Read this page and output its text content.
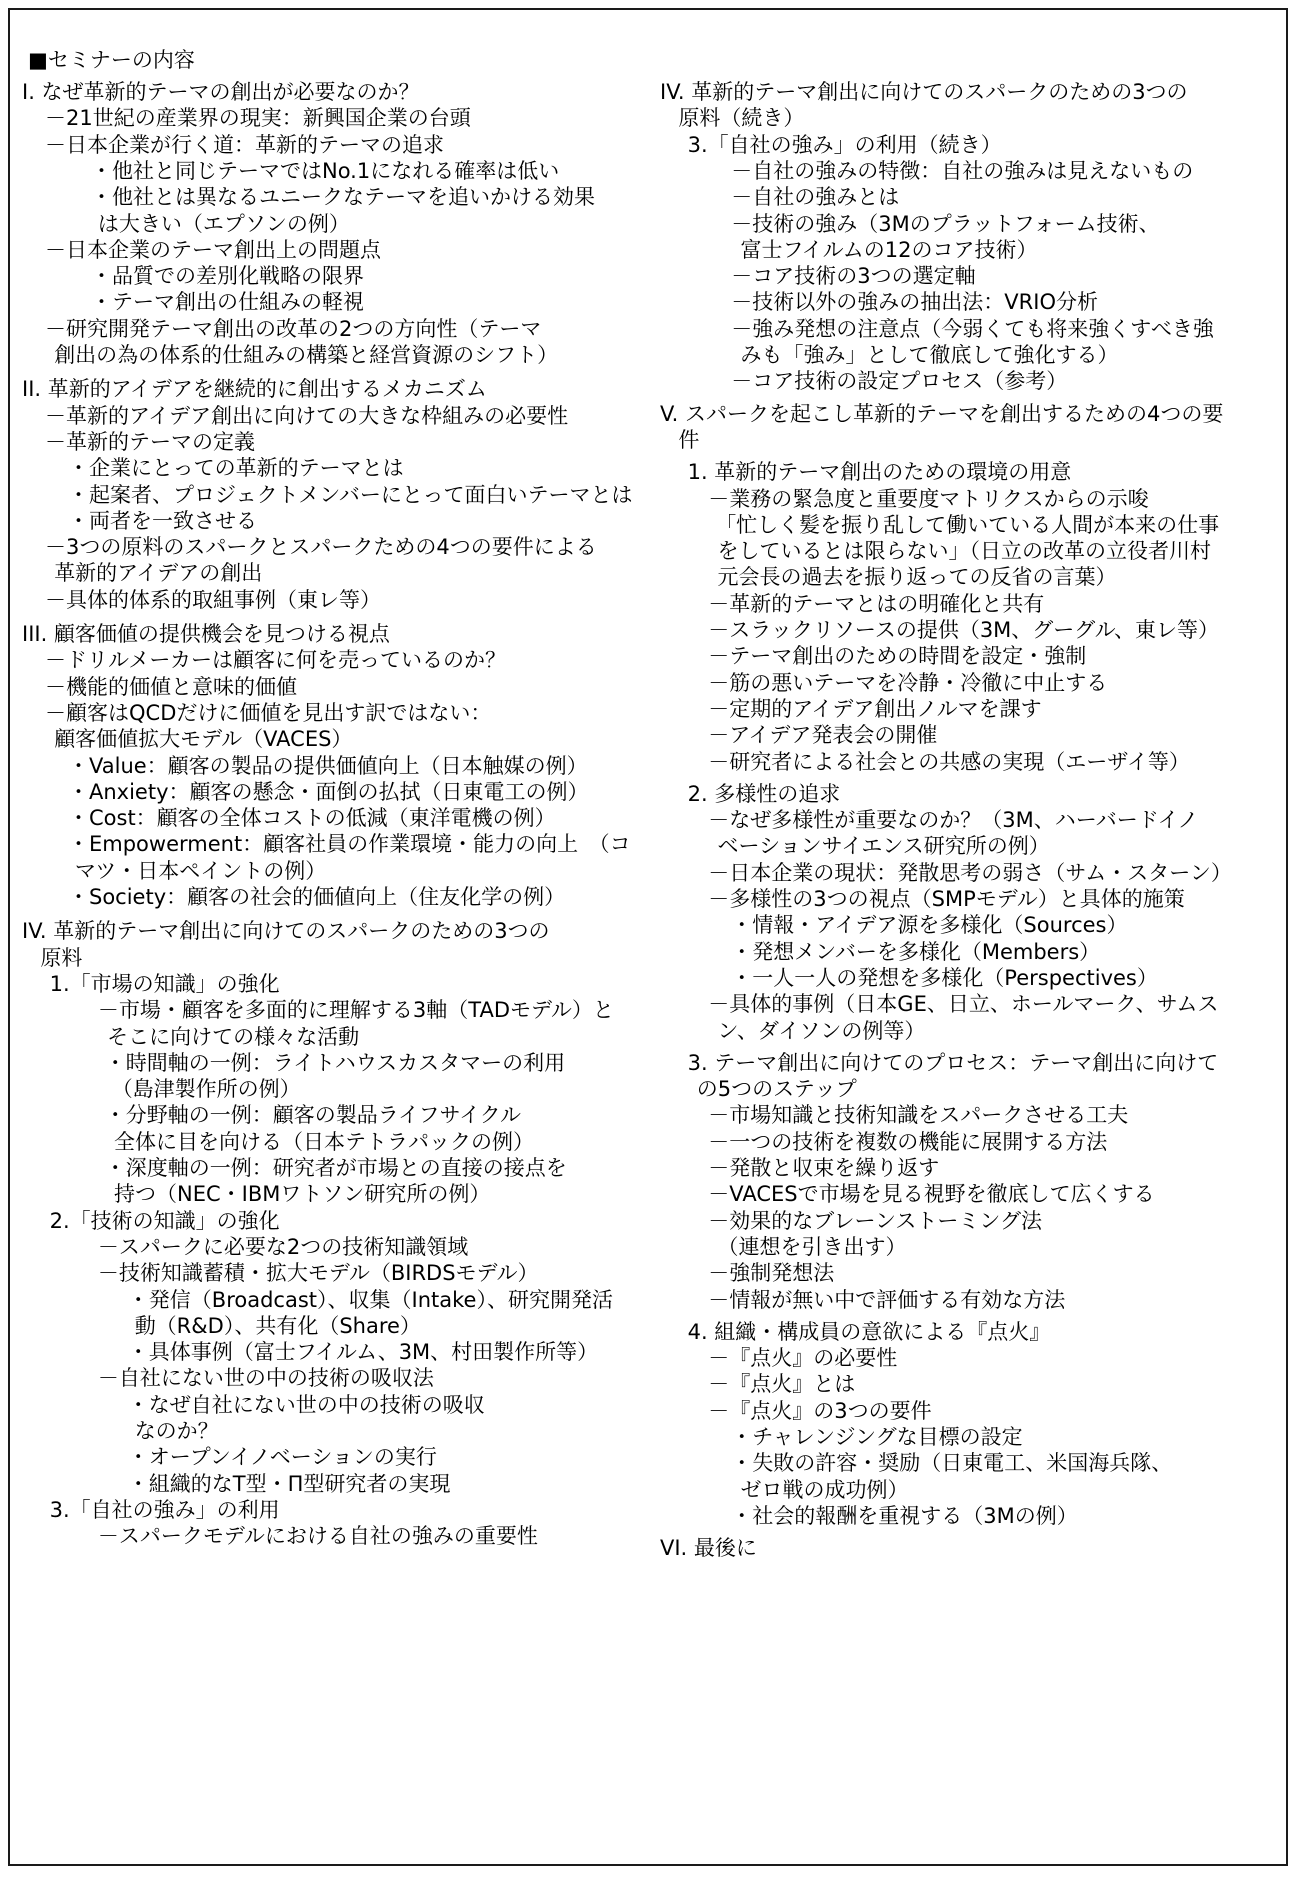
■セミナーの内容
I. なぜ革新的テーマの創出が必要なのか？
－21世紀の産業界の現実：新興国企業の台頭
－日本企業が行く道：革新的テーマの追求
・他社と同じテーマではNo.1になれる確率は低い
・他社とは異なるユニークなテーマを追いかける効果
は大きい（エプソンの例）
－日本企業のテーマ創出上の問題点
・品質での差別化戦略の限界
・テーマ創出の仕組みの軽視
－研究開発テーマ創出の改革の2つの方向性（テーマ
創出の為の体系的仕組みの構築と経営資源のシフト）
II. 革新的アイデアを継続的に創出するメカニズム
－革新的アイデア創出に向けての大きな枠組みの必要性
－革新的テーマの定義
・企業にとっての革新的テーマとは
・起案者、プロジェクトメンバーにとって面白いテーマとは
・両者を一致させる
－3つの原料のスパークとスパークための4つの要件による
革新的アイデアの創出
－具体的体系的取組事例（東レ等）
III. 顧客価値の提供機会を見つける視点
－ドリルメーカーは顧客に何を売っているのか？
－機能的価値と意味的価値
－顧客はQCDだけに価値を見出す訳ではない：
顧客価値拡大モデル（VACES）
・Value：顧客の製品の提供価値向上（日本触媒の例）
・Anxiety：顧客の懸念・面倒の払拭（日東電工の例）
・Cost：顧客の全体コストの低減（東洋電機の例）
・Empowerment：顧客社員の作業環境・能力の向上　（コ
マツ・日本ペイントの例）
・Society：顧客の社会的価値向上（住友化学の例）
IV. 革新的テーマ創出に向けてのスパークのための3つの
原料
1.「市場の知識」の強化
－市場・顧客を多面的に理解する3軸（TADモデル）と
そこに向けての様々な活動
・時間軸の一例：ライトハウスカスタマーの利用
（島津製作所の例）
・分野軸の一例：顧客の製品ライフサイクル
全体に目を向ける（日本テトラパックの例）
・深度軸の一例：研究者が市場との直接の接点を
持つ（NEC・IBMワトソン研究所の例）
2.「技術の知識」の強化
－スパークに必要な2つの技術知識領域
－技術知識蓄積・拡大モデル（BIRDSモデル）
・発信（Broadcast）、収集（Intake）、研究開発活
動（R&D）、共有化（Share）
・具体事例（富士フイルム、3M、村田製作所等）
－自社にない世の中の技術の吸収法
・なぜ自社にない世の中の技術の吸収
なのか？
・オープンイノベーションの実行
・組織的なT型・Π型研究者の実現
3.「自社の強み」の利用
－スパークモデルにおける自社の強みの重要性
IV. 革新的テーマ創出に向けてのスパークのための3つの
原料（続き）
3.「自社の強み」の利用（続き）
－自社の強みの特徴：自社の強みは見えないもの
－自社の強みとは
－技術の強み（3Mのプラットフォーム技術、
富士フイルムの12のコア技術）
－コア技術の3つの選定軸
－技術以外の強みの抽出法：VRIO分析
－強み発想の注意点（今弱くても将来強くすべき強
みも「強み」として徹底して強化する）
－コア技術の設定プロセス（参考）
V. スパークを起こし革新的テーマを創出するための4つの要
件
1. 革新的テーマ創出のための環境の用意
－業務の緊急度と重要度マトリクスからの示唆
「忙しく髪を振り乱して働いている人間が本来の仕事
をしているとは限らない」（日立の改革の立役者川村
元会長の過去を振り返っての反省の言葉）
－革新的テーマとはの明確化と共有
－スラックリソースの提供（3M、グーグル、東レ等）
－テーマ創出のための時間を設定・強制
－筋の悪いテーマを冷静・冷徹に中止する
－定期的アイデア創出ノルマを課す
－アイデア発表会の開催
－研究者による社会との共感の実現（エーザイ等）
2. 多様性の追求
－なぜ多様性が重要なのか？（3M、ハーバードイノ
ベーションサイエンス研究所の例）
－日本企業の現状：発散思考の弱さ（サム・スターン）
－多様性の3つの視点（SMPモデル）と具体的施策
・情報・アイデア源を多様化（Sources）
・発想メンバーを多様化（Members）
・一人一人の発想を多様化（Perspectives）
－具体的事例（日本GE、日立、ホールマーク、サムス
ン、ダイソンの例等）
3. テーマ創出に向けてのプロセス：テーマ創出に向けて
の5つのステップ
－市場知識と技術知識をスパークさせる工夫
－一つの技術を複数の機能に展開する方法
－発散と収束を繰り返す
－VACESで市場を見る視野を徹底して広くする
－効果的なブレーンストーミング法
（連想を引き出す）
－強制発想法
－情報が無い中で評価する有効な方法
4. 組織・構成員の意欲による『点火』
－『点火』の必要性
－『点火』とは
－『点火』の3つの要件
・チャレンジングな目標の設定
・失敗の許容・奨励（日東電工、米国海兵隊、
ゼロ戦の成功例）
・社会的報酬を重視する（3Mの例）
VI. 最後に
